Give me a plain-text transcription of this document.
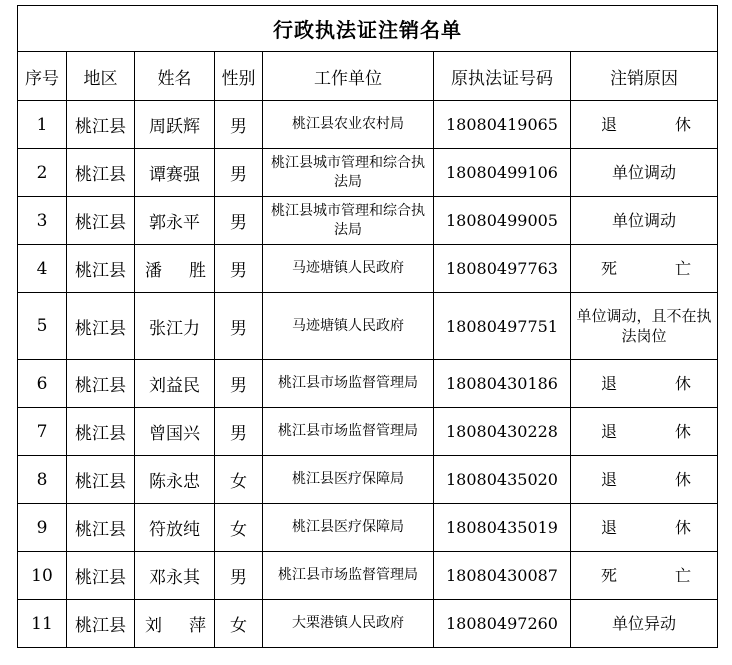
行政执法证注销名单						
序号	地区	姓名	性别	工作单位	原执法证号码	注销原因
1	桃江县	周跃辉	男	桃江县农业农村局	18080419065	退　休
2	桃江县	谭赛强	男	桃江县城市管理和综合执法局	18080499106	单位调动
3	桃江县	郭永平	男	桃江县城市管理和综合执法局	18080499005	单位调动
4	桃江县	潘　胜	男	马迹塘镇人民政府	18080497763	死　亡
5	桃江县	张江力	男	马迹塘镇人民政府	18080497751	单位调动，且不在执法岗位
6	桃江县	刘益民	男	桃江县市场监督管理局	18080430186	退　休
7	桃江县	曾国兴	男	桃江县市场监督管理局	18080430228	退　休
8	桃江县	陈永忠	女	桃江县医疗保障局	18080435020	退　休
9	桃江县	符放纯	女	桃江县医疗保障局	18080435019	退　休
10	桃江县	邓永其	男	桃江县市场监督管理局	18080430087	死　亡
11	桃江县	刘　萍	女	大栗港镇人民政府	18080497260	单位异动
